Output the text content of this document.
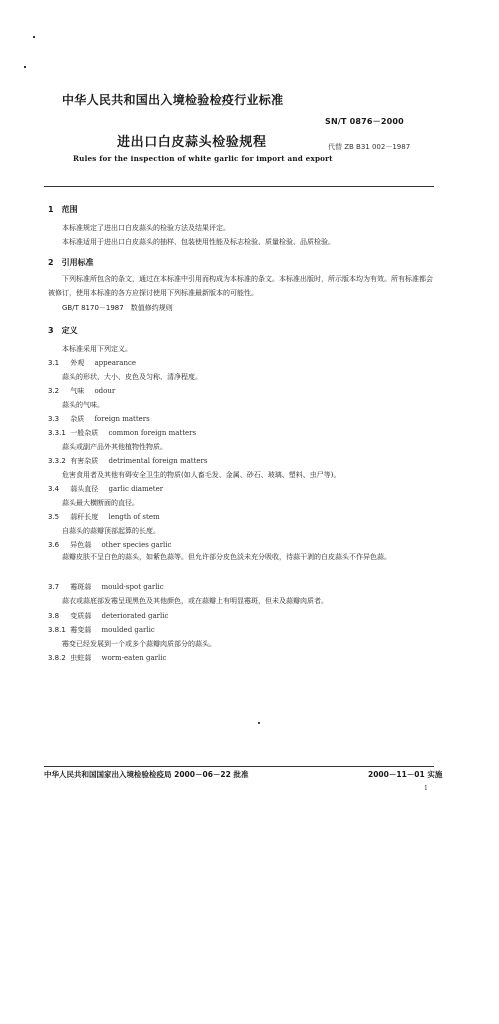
中华人民共和国出入境检验检疫行业标准
SN/T 0876－2000
进出口白皮蒜头检验规程	代替 ZB B31 002－1987
Rules for the inspection of white garlic for import and export
1　范围
本标准规定了进出口白皮蒜头的检验方法及结果评定。
本标准适用于进出口白皮蒜头的抽样、包装使用性能及标志检验、质量检验、品质检验。
2　引用标准
下列标准所包含的条文，通过在本标准中引用而构成为本标准的条文。本标准出版时，所示版本均为有效。所有标准都会被修订，使用本标准的各方应探讨使用下列标准最新版本的可能性。
GB/T 8170－1987　数值修约规则
3　定义
本标准采用下列定义。
3.1 外观 appearance
蒜头的形状、大小、皮色及匀称、清净程度。
3.2 气味 odour
蒜头的气味。
3.3 杂质 foreign matters
3.3.1 一般杂质 common foreign matters
蒜头或副产品外其他植物性物质。
3.3.2 有害杂质 detrimental foreign matters
危害食用者及其他有碍安全卫生的物质(如人畜毛发、金属、砂石、玻璃、塑料、虫尸等)。
3.4 蒜头直径 garlic diameter
蒜头最大横断面的直径。
3.5 蒜秆长度 length of stem
自蒜头的蒜瓣顶部起算的长度。
3.6 异色蒜 other species garlic
蒜瓣皮肤不呈白色的蒜头，如紫色蒜等。但允许部分皮色淡未充分吸收，待蒜干剥的白皮蒜头不作异色蒜。
3.7 霉斑蒜 mould-spot garlic
蒜衣或蒜底部发霉呈现黑色及其他颜色，或在蒜瓣上有明显霉斑，但未及蒜瓣肉质者。
3.8 变质蒜 deteriorated garlic
3.8.1 霉变蒜 moulded garlic
霉变已经发展到一个或多个蒜瓣肉质部分的蒜头。
3.8.2 虫蛀蒜 worm-eaten garlic
中华人民共和国国家出入境检验检疫局 2000－06－22 批准	2000－11－01 实施
1
